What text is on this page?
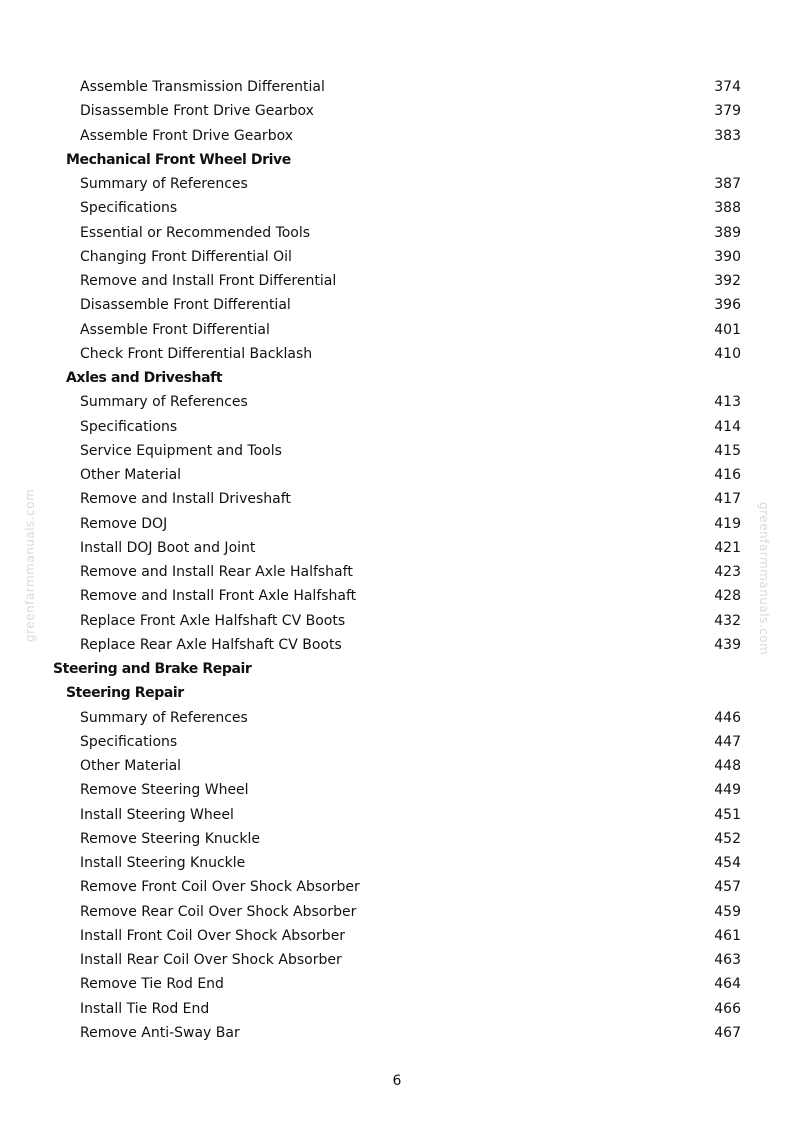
greenfarmmanuals.com	greenfarmmanuals.com
Assemble Transmission Differential	374
Disassemble Front Drive Gearbox	379
Assemble Front Drive Gearbox	383
Mechanical Front Wheel Drive
Summary of References	387
Specifications	388
Essential or Recommended Tools	389
Changing Front Differential Oil	390
Remove and Install Front Differential	392
Disassemble Front Differential	396
Assemble Front Differential	401
Check Front Differential Backlash	410
Axles and Driveshaft
Summary of References	413
Specifications	414
Service Equipment and Tools	415
Other Material	416
Remove and Install Driveshaft	417
Remove DOJ	419
Install DOJ Boot and Joint	421
Remove and Install Rear Axle Halfshaft	423
Remove and Install Front Axle Halfshaft	428
Replace Front Axle Halfshaft CV Boots	432
Replace Rear Axle Halfshaft CV Boots	439
Steering and Brake Repair
Steering Repair
Summary of References	446
Specifications	447
Other Material	448
Remove Steering Wheel	449
Install Steering Wheel	451
Remove Steering Knuckle	452
Install Steering Knuckle	454
Remove Front Coil Over Shock Absorber	457
Remove Rear Coil Over Shock Absorber	459
Install Front Coil Over Shock Absorber	461
Install Rear Coil Over Shock Absorber	463
Remove Tie Rod End	464
Install Tie Rod End	466
Remove Anti-Sway Bar	467
6
